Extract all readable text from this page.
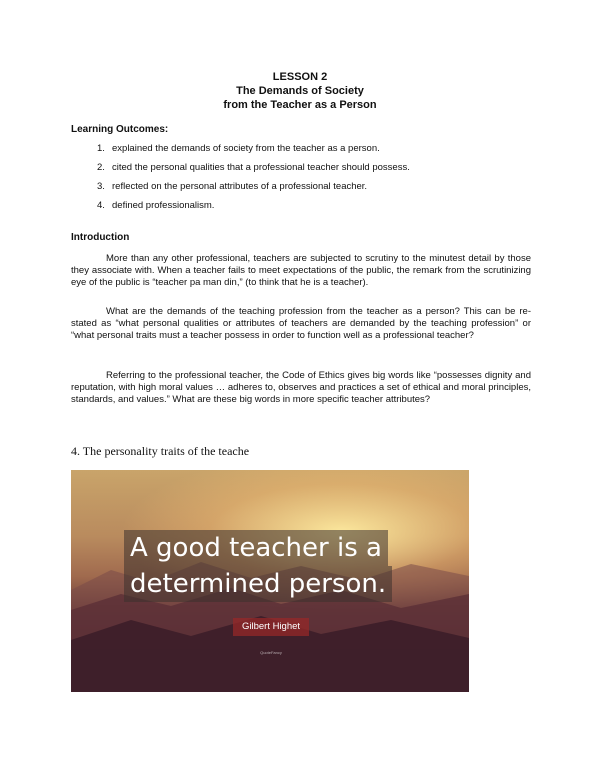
LESSON 2
The Demands of Society
from the Teacher as a Person
Learning Outcomes:
1. explained the demands of society from the teacher as a person.
2. cited the personal qualities that a professional teacher should possess.
3. reflected on the personal attributes of a professional teacher.
4. defined professionalism.
Introduction

More than any other professional, teachers are subjected to scrutiny to the minutest detail by those they associate with. When a teacher fails to meet expectations of the public, the remark from the scrutinizing eye of the public is “teacher pa man din,” (to think that he is a teacher).

What are the demands of the teaching profession from the teacher as a person? This can be re-stated as “what personal qualities or attributes of teachers are demanded by the teaching profession” or “what personal traits must a teacher possess in order to function well as a professional teacher?

Referring to the professional teacher, the Code of Ethics gives big words like “possesses dignity and reputation, with high moral values … adheres to, observes and practices a set of ethical and moral principles, standards, and values.” What are these big words in more specific teacher attributes?

4. The personality traits of the teache
A good teacher is a
determined person.
Gilbert Highet
QuoteFancy
